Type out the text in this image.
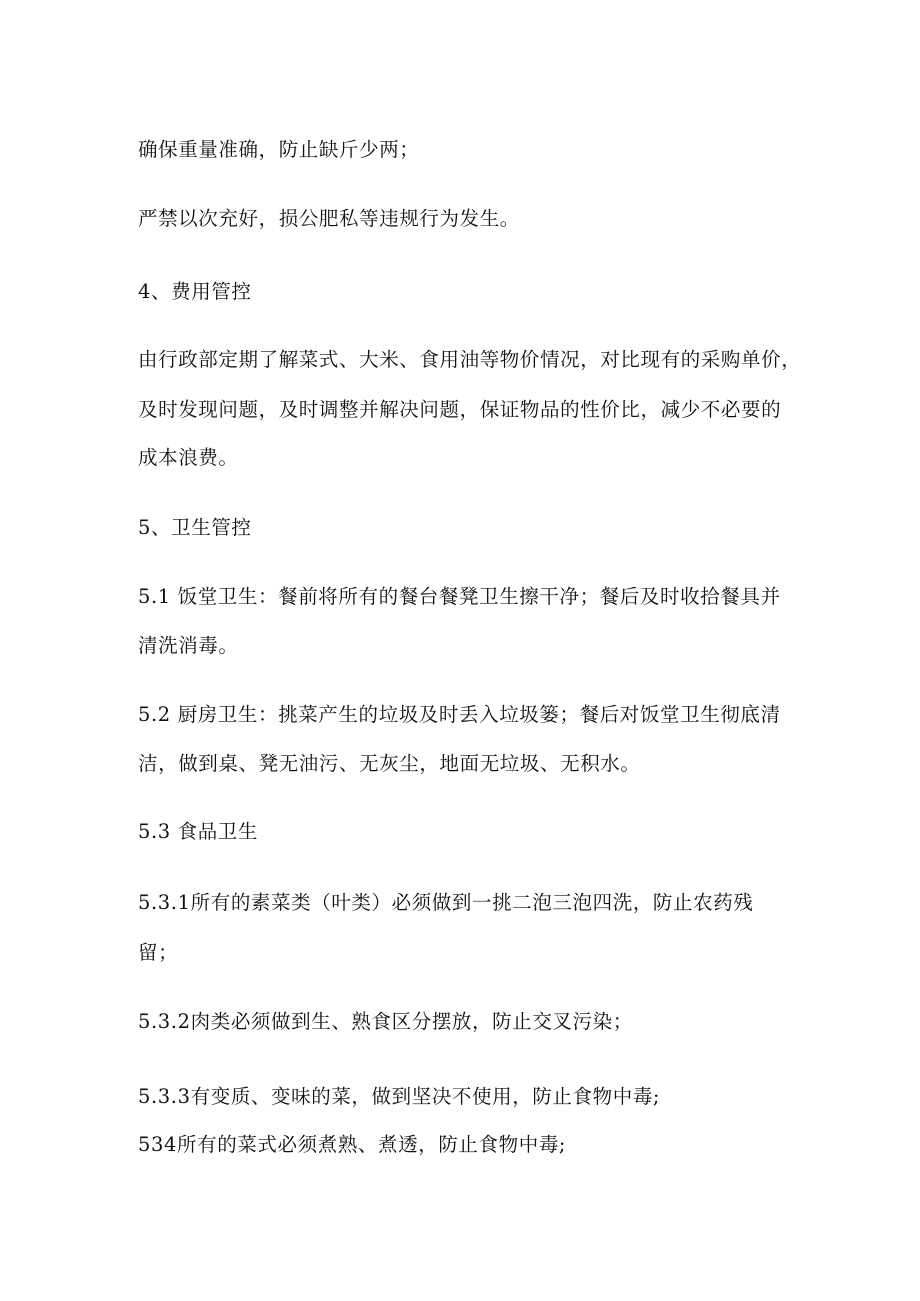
确保重量准确，防止缺斤少两；
严禁以次充好，损公肥私等违规行为发生。
4、费用管控
由行政部定期了解菜式、大米、食用油等物价情况，对比现有的采购单价，
及时发现问题，及时调整并解决问题，保证物品的性价比，减少不必要的
成本浪费。
5、卫生管控
5.1 饭堂卫生：餐前将所有的餐台餐凳卫生擦干净；餐后及时收拾餐具并
清洗消毒。
5.2 厨房卫生：挑菜产生的垃圾及时丢入垃圾篓；餐后对饭堂卫生彻底清
洁，做到桌、凳无油污、无灰尘，地面无垃圾、无积水。
5.3 食品卫生
5.3.1所有的素菜类（叶类）必须做到一挑二泡三泡四洗，防止农药残
留；
5.3.2肉类必须做到生、熟食区分摆放，防止交叉污染；
5.3.3有变质、变味的菜，做到坚决不使用，防止食物中毒;
534所有的菜式必须煮熟、煮透，防止食物中毒;
